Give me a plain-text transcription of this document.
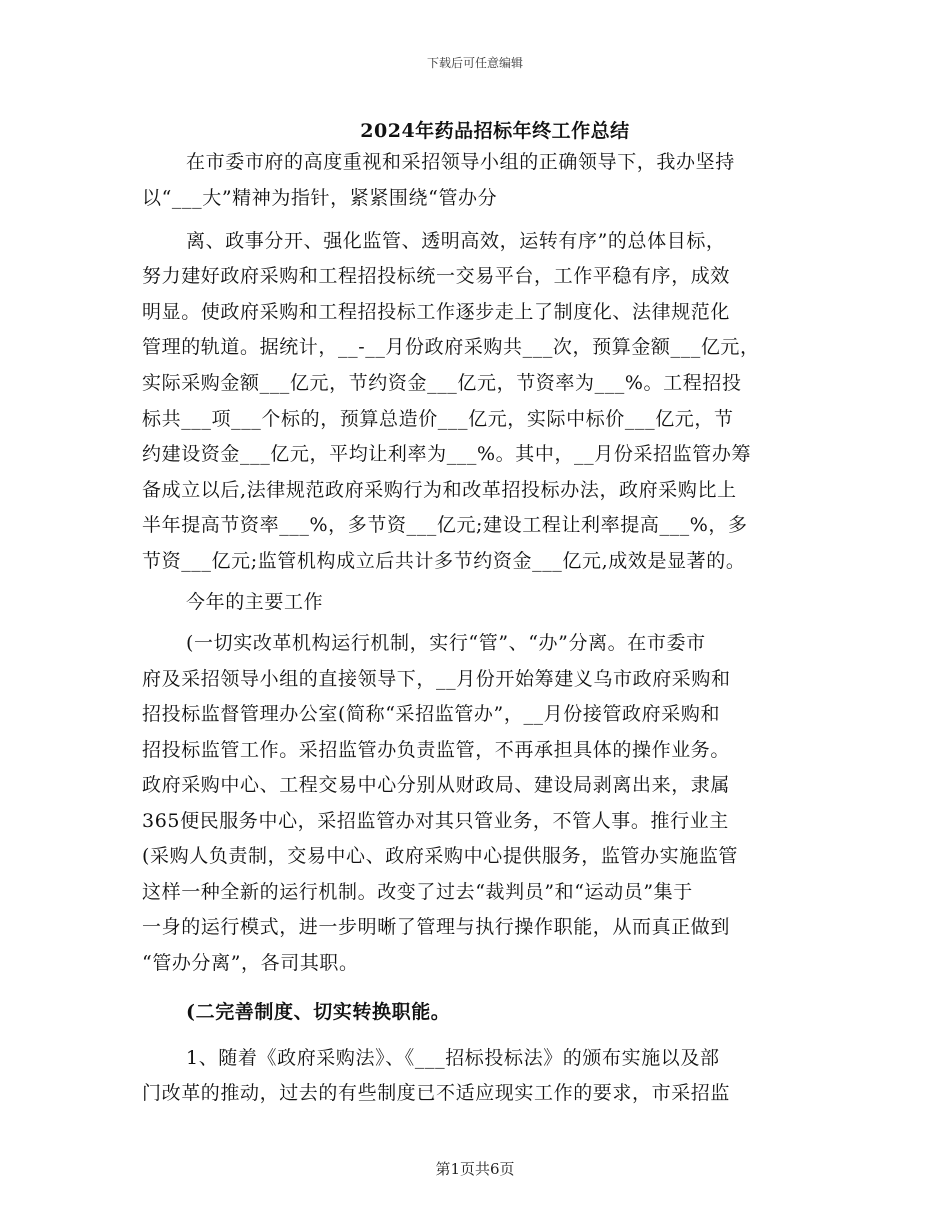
下载后可任意编辑
2024年药品招标年终工作总结
在市委市府的高度重视和采招领导小组的正确领导下，我办坚持
以“___大”精神为指针，紧紧围绕“管办分
离、政事分开、强化监管、透明高效，运转有序”的总体目标，
努力建好政府采购和工程招投标统一交易平台，工作平稳有序，成效
明显。使政府采购和工程招投标工作逐步走上了制度化、法律规范化
管理的轨道。据统计，__-__月份政府采购共___次，预算金额___亿元，
实际采购金额___亿元，节约资金___亿元，节资率为___%。工程招投
标共___项___个标的，预算总造价___亿元，实际中标价___亿元，节
约建设资金___亿元，平均让利率为___%。其中，__月份采招监管办筹
备成立以后,法律规范政府采购行为和改革招投标办法，政府采购比上
半年提高节资率___%，多节资___亿元;建设工程让利率提高___%，多
节资___亿元;监管机构成立后共计多节约资金___亿元,成效是显著的。
今年的主要工作
(一切实改革机构运行机制，实行“管”、“办”分离。在市委市
府及采招领导小组的直接领导下，__月份开始筹建义乌市政府采购和
招投标监督管理办公室(简称“采招监管办”，__月份接管政府采购和
招投标监管工作。采招监管办负责监管，不再承担具体的操作业务。
政府采购中心、工程交易中心分别从财政局、建设局剥离出来，隶属
365便民服务中心，采招监管办对其只管业务，不管人事。推行业主
(采购人负责制，交易中心、政府采购中心提供服务，监管办实施监管
这样一种全新的运行机制。改变了过去“裁判员”和“运动员”集于
一身的运行模式，进一步明晰了管理与执行操作职能，从而真正做到
“管办分离”，各司其职。
(二完善制度、切实转换职能。
1、随着《政府采购法》、《___招标投标法》的颁布实施以及部
门改革的推动，过去的有些制度已不适应现实工作的要求，市采招监
第1页共6页
